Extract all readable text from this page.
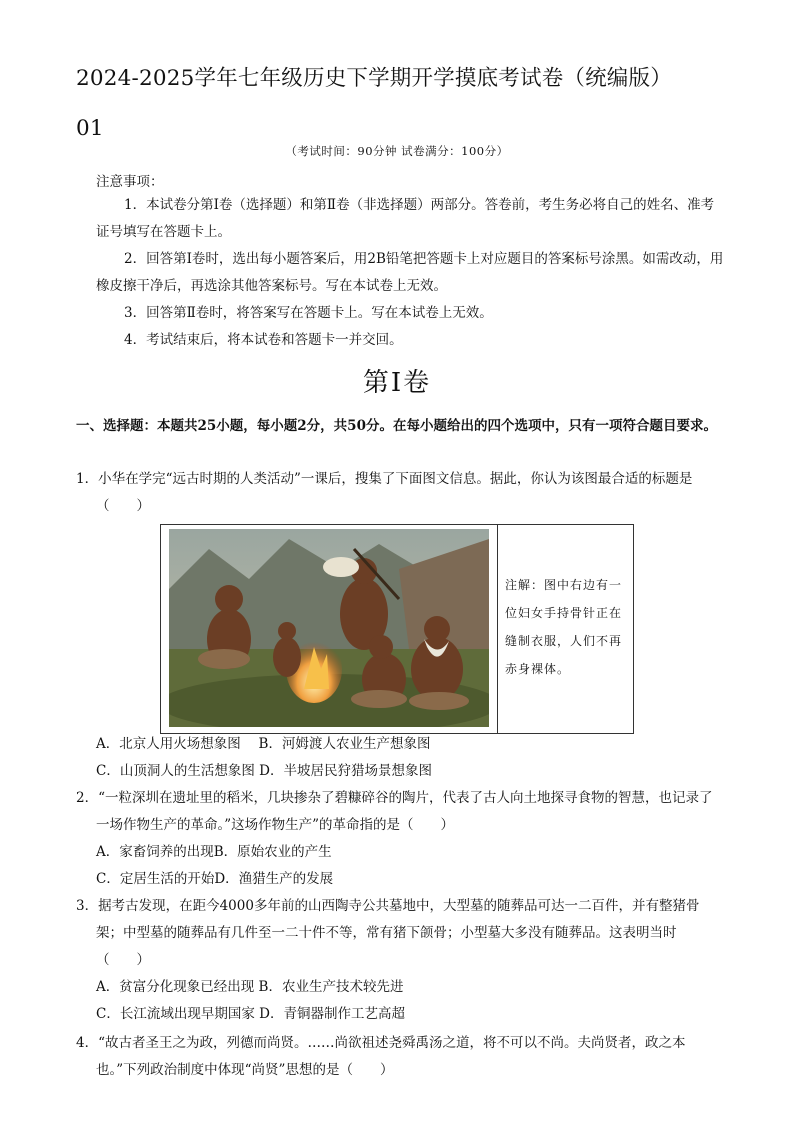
2024-2025学年七年级历史下学期开学摸底考试卷（统编版）
01
（考试时间：90分钟 试卷满分：100分）
注意事项：
1．本试卷分第Ⅰ卷（选择题）和第Ⅱ卷（非选择题）两部分。答卷前，考生务必将自己的姓名、准考证号填写在答题卡上。
2．回答第Ⅰ卷时，选出每小题答案后，用2B铅笔把答题卡上对应题目的答案标号涂黑。如需改动，用橡皮擦干净后，再选涂其他答案标号。写在本试卷上无效。
3．回答第Ⅱ卷时，将答案写在答题卡上。写在本试卷上无效。
4．考试结束后，将本试卷和答题卡一并交回。
第Ⅰ卷
一、选择题：本题共25小题，每小题2分，共50分。在每小题给出的四个选项中，只有一项符合题目要求。
1．小华在学完“远古时期的人类活动”一课后，搜集了下面图文信息。据此，你认为该图最合适的标题是（　　）
注解：图中右边有一位妇女手持骨针正在缝制衣服，人们不再赤身裸体。
A．北京人用火场想象图　 B．河姆渡人农业生产想象图
C．山顶洞人的生活想象图 D．半坡居民狩猎场景想象图
2．“一粒深圳在遗址里的稻米，几块掺杂了碧糠碎谷的陶片，代表了古人向土地探寻食物的智慧，也记录了一场作物生产的革命。”这场作物生产”的革命指的是（　　）
A．家畜饲养的出现B．原始农业的产生
C．定居生活的开始D．渔猎生产的发展
3．据考古发现，在距今4000多年前的山西陶寺公共墓地中，大型墓的随葬品可达一二百件，并有整猪骨架；中型墓的随葬品有几件至一二十件不等，常有猪下颌骨；小型墓大多没有随葬品。这表明当时（　　）
A．贫富分化现象已经出现 B．农业生产技术较先进
C．长江流域出现早期国家 D．青铜器制作工艺高超
4．“故古者圣王之为政，列德而尚贤。……尚欲祖述尧舜禹汤之道，将不可以不尚。夫尚贤者，政之本也。”下列政治制度中体现“尚贤”思想的是（　　）
